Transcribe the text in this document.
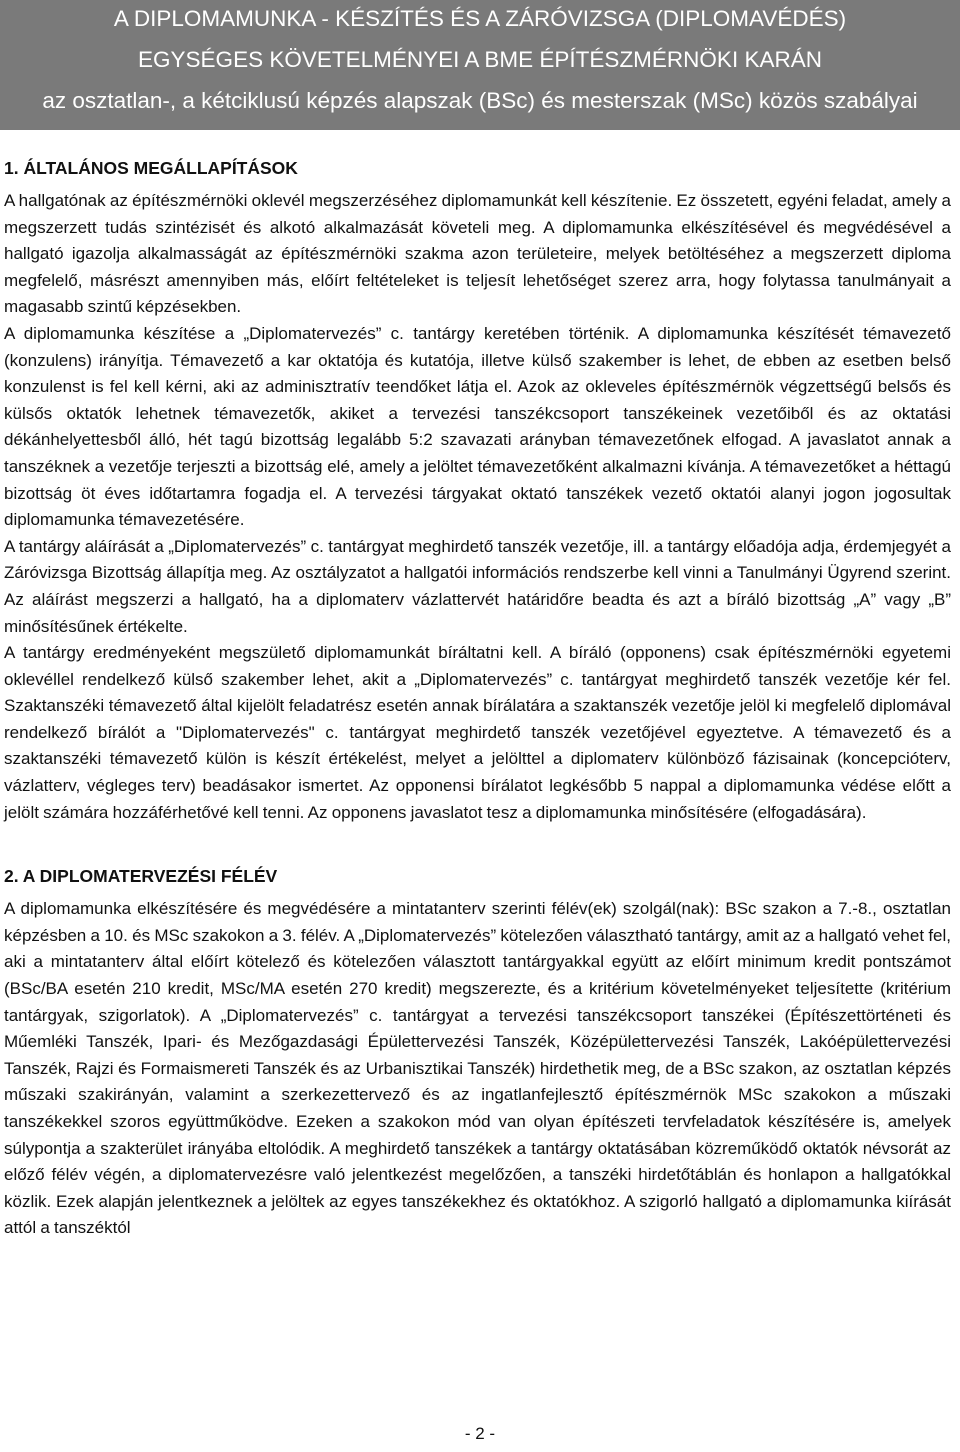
A DIPLOMAMUNKA - KÉSZÍTÉS ÉS A ZÁRÓVIZSGA (DIPLOMAVÉDÉS)
EGYSÉGES KÖVETELMÉNYEI A BME ÉPÍTÉSZMÉRNÖKI KARÁN
az osztatlan-, a kétciklusú képzés alapszak (BSc) és mesterszak (MSc) közös szabályai
1. ÁLTALÁNOS MEGÁLLAPÍTÁSOK

A hallgatónak az építészmérnöki oklevél megszerzéséhez diplomamunkát kell készítenie. Ez összetett, egyéni feladat, amely a megszerzett tudás szintézisét és alkotó alkalmazását követeli meg. A diplomamunka elkészítésével és megvédésével a hallgató igazolja alkalmasságát az építészmérnöki szakma azon területeire, melyek betöltéséhez a megszerzett diploma megfelelő, másrészt amennyiben más, előírt feltételeket is teljesít lehetőséget szerez arra, hogy folytassa tanulmányait a magasabb szintű képzésekben.

A diplomamunka készítése a „Diplomatervezés” c. tantárgy keretében történik. A diplomamunka készítését témavezető (konzulens) irányítja. Témavezető a kar oktatója és kutatója, illetve külső szakember is lehet, de ebben az esetben belső konzulenst is fel kell kérni, aki az adminisztratív teendőket látja el. Azok az okleveles építészmérnök végzettségű belsős és külsős oktatók lehetnek témavezetők, akiket a tervezési tanszékcsoport tanszékeinek vezetőiből és az oktatási dékánhelyettesből álló, hét tagú bizottság legalább 5:2 szavazati arányban témavezetőnek elfogad. A javaslatot annak a tanszéknek a vezetője terjeszti a bizottság elé, amely a jelöltet témavezetőként alkalmazni kívánja. A témavezetőket a héttagú bizottság öt éves időtartamra fogadja el. A tervezési tárgyakat oktató tanszékek vezető oktatói alanyi jogon jogosultak diplomamunka témavezetésére.

A tantárgy aláírását a „Diplomatervezés” c. tantárgyat meghirdető tanszék vezetője, ill. a tantárgy előadója adja, érdemjegyét a Záróvizsga Bizottság állapítja meg. Az osztályzatot a hallgatói információs rendszerbe kell vinni a Tanulmányi Ügyrend szerint. Az aláírást megszerzi a hallgató, ha a diplomaterv vázlattervét határidőre beadta és azt a bíráló bizottság „A” vagy „B” minősítésűnek értékelte.

A tantárgy eredményeként megszülető diplomamunkát bíráltatni kell. A bíráló (opponens) csak építészmérnöki egyetemi oklevéllel rendelkező külső szakember lehet, akit a „Diplomatervezés” c. tantárgyat meghirdető tanszék vezetője kér fel. Szaktanszéki témavezető által kijelölt feladatrész esetén annak bírálatára a szaktanszék vezetője jelöl ki megfelelő diplomával rendelkező bírálót a "Diplomatervezés" c. tantárgyat meghirdető tanszék vezetőjével egyeztetve. A témavezető és a szaktanszéki témavezető külön is készít értékelést, melyet a jelölttel a diplomaterv különböző fázisainak (koncepcióterv, vázlatterv, végleges terv) beadásakor ismertet. Az opponensi bírálatot legkésőbb 5 nappal a diplomamunka védése előtt a jelölt számára hozzáférhetővé kell tenni. Az opponens javaslatot tesz a diplomamunka minősítésére (elfogadására).

2. A DIPLOMATERVEZÉSI FÉLÉV

A diplomamunka elkészítésére és megvédésére a mintatanterv szerinti félév(ek) szolgál(nak): BSc szakon a 7.-8., osztatlan képzésben a 10. és MSc szakokon a 3. félév. A „Diplomatervezés” kötelezően választható tantárgy, amit az a hallgató vehet fel, aki a mintatanterv által előírt kötelező és kötelezően választott tantárgyakkal együtt az előírt minimum kredit pontszámot (BSc/BA esetén 210 kredit, MSc/MA esetén 270 kredit) megszerezte, és a kritérium követelményeket teljesítette (kritérium tantárgyak, szigorlatok). A „Diplomatervezés” c. tantárgyat a tervezési tanszékcsoport tanszékei (Építészettörténeti és Műemléki Tanszék, Ipari- és Mezőgazdasági Épülettervezési Tanszék, Középülettervezési Tanszék, Lakóépülettervezési Tanszék, Rajzi és Formaismereti Tanszék és az Urbanisztikai Tanszék) hirdethetik meg, de a BSc szakon, az osztatlan képzés műszaki szakirányán, valamint a szerkezettervező és az ingatlanfejlesztő építészmérnök MSc szakokon a műszaki tanszékekkel szoros együttműködve. Ezeken a szakokon mód van olyan építészeti tervfeladatok készítésére is, amelyek súlypontja a szakterület irányába eltolódik. A meghirdető tanszékek a tantárgy oktatásában közreműködő oktatók névsorát az előző félév végén, a diplomatervezésre való jelentkezést megelőzően, a tanszéki hirdetőtáblán és honlapon a hallgatókkal közlik. Ezek alapján jelentkeznek a jelöltek az egyes tanszékekhez és oktatókhoz. A szigorló hallgató a diplomamunka kiírását attól a tanszéktól

- 2 -
